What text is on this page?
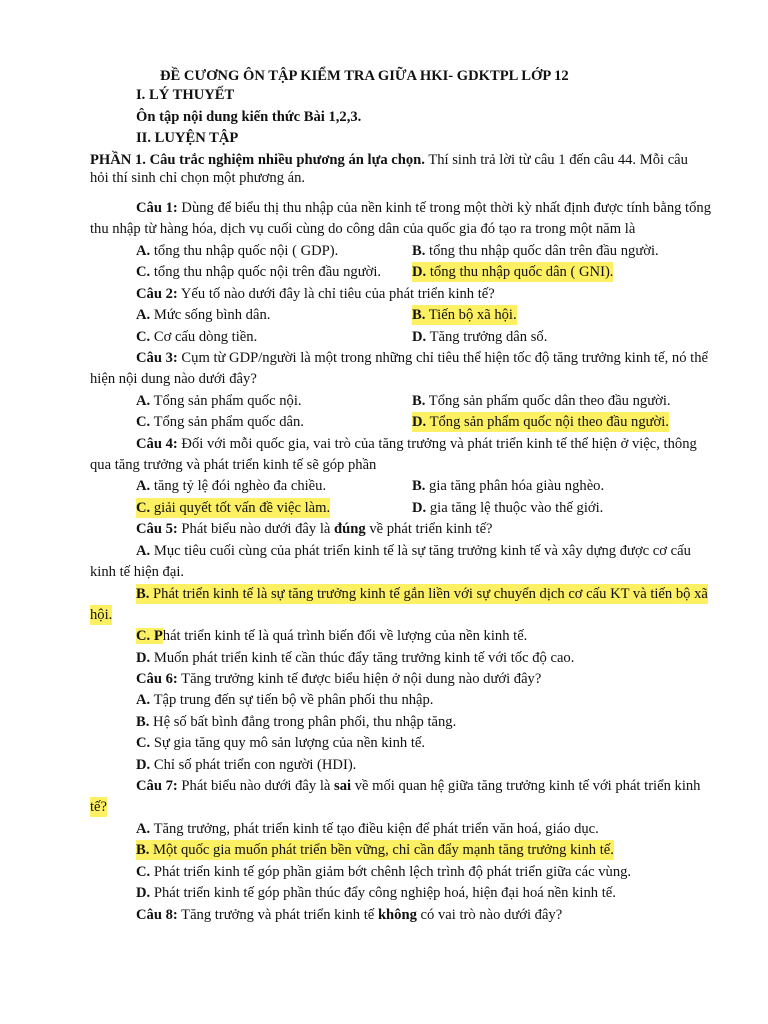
ĐỀ CƯƠNG ÔN TẬP KIỂM TRA GIỮA HKI- GDKTPL LỚP 12
I. LÝ THUYẾT
Ôn tập nội dung kiến thức Bài 1,2,3.
II. LUYỆN TẬP
PHẦN 1. Câu trắc nghiệm nhiều phương án lựa chọn. Thí sinh trả lời từ câu 1 đến câu 44. Mỗi câu
hỏi thí sinh chỉ chọn một phương án.
Câu 1: Dùng để biểu thị thu nhập của nền kinh tế trong một thời kỳ nhất định được tính bằng tổng
thu nhập từ hàng hóa, dịch vụ cuối cùng do công dân của quốc gia đó tạo ra trong một năm là
A. tổng thu nhập quốc nội ( GDP).	B. tổng thu nhập quốc dân trên đầu người.
C. tổng thu nhập quốc nội trên đầu người. D. tổng thu nhập quốc dân ( GNI).
Câu 2: Yếu tố nào dưới đây là chỉ tiêu của phát triển kinh tế?
A. Mức sống bình dân.	B. Tiến bộ xã hội.
C. Cơ cấu dòng tiền.	D. Tăng trưởng dân số.
Câu 3: Cụm từ GDP/người là một trong những chỉ tiêu thể hiện tốc độ tăng trưởng kinh tế, nó thể
hiện nội dung nào dưới đây?
A. Tổng sản phẩm quốc nội.	B. Tổng sản phẩm quốc dân theo đầu người.
C. Tổng sản phẩm quốc dân.	D. Tổng sản phẩm quốc nội theo đầu người.
Câu 4: Đối với mỗi quốc gia, vai trò của tăng trưởng và phát triển kinh tế thể hiện ở việc, thông
qua tăng trưởng và phát triển kinh tế sẽ góp phần
A. tăng tỷ lệ đói nghèo đa chiều.	B. gia tăng phân hóa giàu nghèo.
C. giải quyết tốt vấn đề việc làm.	D. gia tăng lệ thuộc vào thế giới.
Câu 5: Phát biểu nào dưới đây là đúng về phát triển kinh tế?
A. Mục tiêu cuối cùng của phát triển kinh tế là sự tăng trưởng kinh tế và xây dựng được cơ cấu
kinh tế hiện đại.
B. Phát triển kinh tế là sự tăng trưởng kinh tế gắn liền với sự chuyển dịch cơ cấu KT và tiến bộ xã
hội.
C. Phát triển kinh tế là quá trình biến đổi về lượng của nền kinh tế.
D. Muốn phát triển kinh tế cần thúc đẩy tăng trưởng kinh tế với tốc độ cao.
Câu 6: Tăng trưởng kinh tế được biểu hiện ở nội dung nào dưới đây?
A. Tập trung đến sự tiến bộ về phân phối thu nhập.
B. Hệ số bất bình đẳng trong phân phối, thu nhập tăng.
C. Sự gia tăng quy mô sản lượng của nền kinh tế.
D. Chỉ số phát triển con người (HDI).
Câu 7: Phát biểu nào dưới đây là sai về mối quan hệ giữa tăng trưởng kinh tế với phát triển kinh
tế?
A. Tăng trưởng, phát triển kinh tế tạo điều kiện để phát triển văn hoá, giáo dục.
B. Một quốc gia muốn phát triển bền vững, chỉ cần đẩy mạnh tăng trưởng kinh tế.
C. Phát triển kinh tế góp phần giảm bớt chênh lệch trình độ phát triển giữa các vùng.
D. Phát triển kinh tế góp phần thúc đẩy công nghiệp hoá, hiện đại hoá nền kinh tế.
Câu 8: Tăng trưởng và phát triển kinh tế không có vai trò nào dưới đây?
